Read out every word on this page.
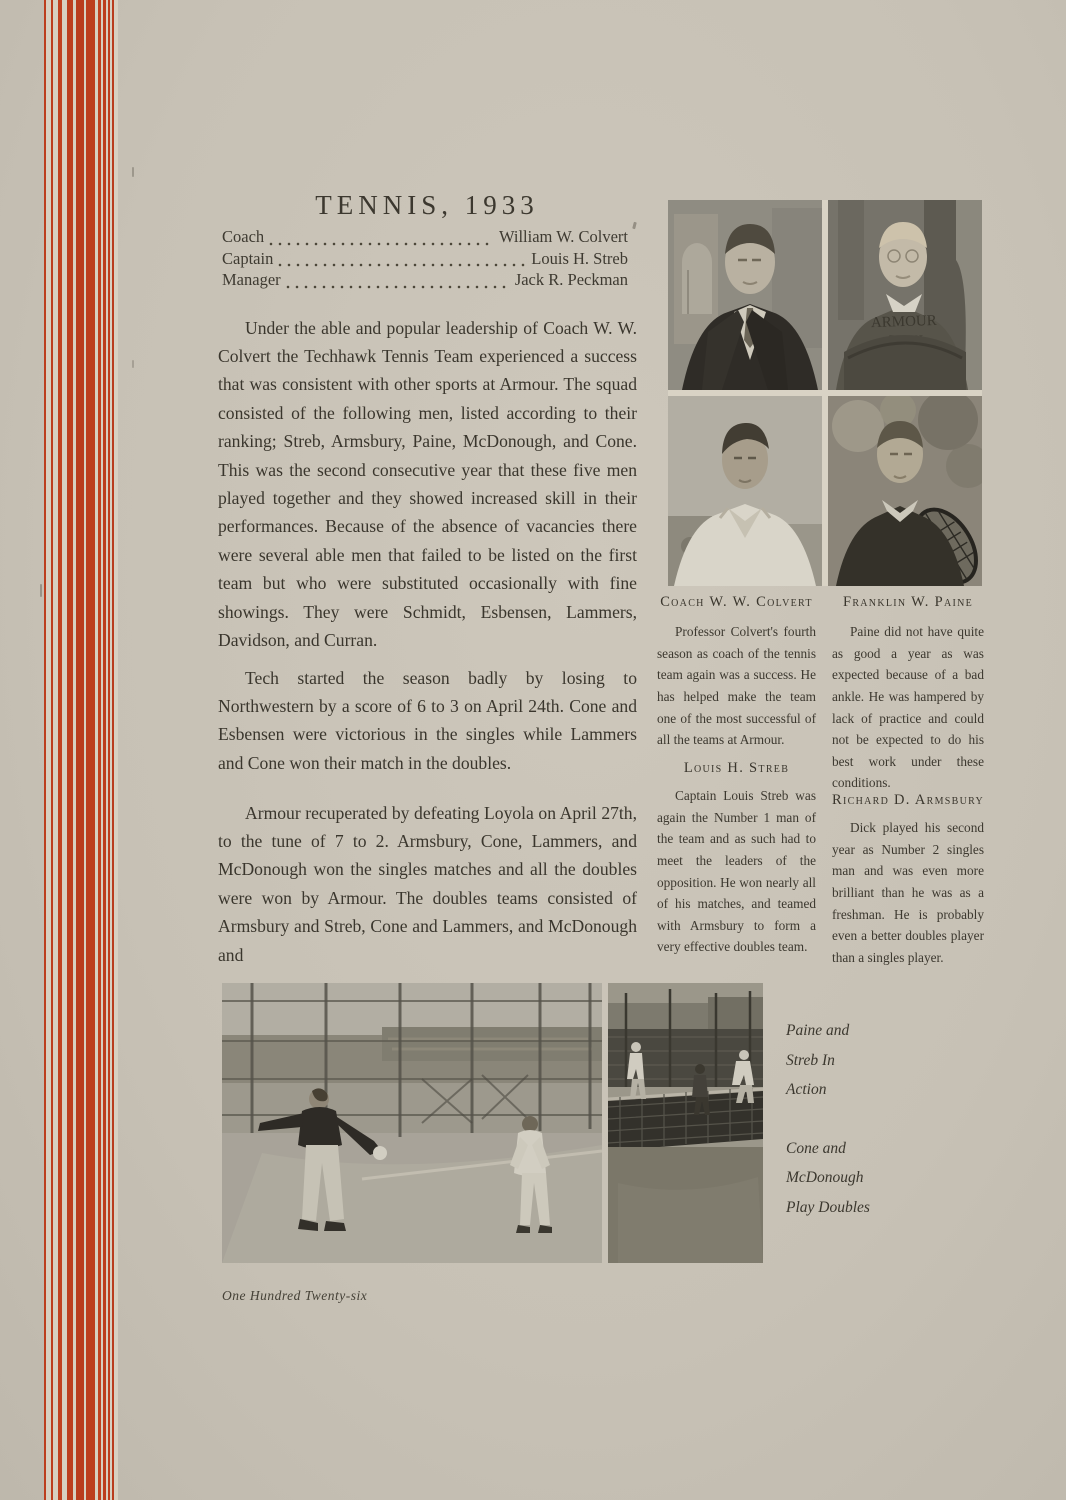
TENNIS, 1933
Coach	William W. Colvert
Captain	Louis H. Streb
Manager	Jack R. Peckman

Under the able and popular leadership of Coach W. W. Colvert the Techhawk Tennis Team experienced a success that was consistent with other sports at Armour. The squad consisted of the following men, listed according to their ranking; Streb, Armsbury, Paine, McDonough, and Cone. This was the second consecutive year that these five men played together and they showed increased skill in their performances. Because of the absence of vacancies there were several able men that failed to be listed on the first team but who were substituted occasionally with fine showings. They were Schmidt, Esbensen, Lammers, Davidson, and Curran.

Tech started the season badly by losing to Northwestern by a score of 6 to 3 on April 24th. Cone and Esbensen were victorious in the singles while Lammers and Cone won their match in the doubles.

Armour recuperated by defeating Loyola on April 27th, to the tune of 7 to 2. Armsbury, Cone, Lammers, and McDonough won the singles matches and all the doubles were won by Armour. The doubles teams consisted of Armsbury and Streb, Cone and Lammers, and McDonough and

ARMOUR
Coach W. W. Colvert	Franklin W. Paine

Professor Colvert's fourth season as coach of the tennis team again was a success. He has helped make the team one of the most successful of all the teams at Armour.

Paine did not have quite as good a year as was expected because of a bad ankle. He was hampered by lack of practice and could not be expected to do his best work under these conditions.

Louis H. Streb

Captain Louis Streb was again the Number 1 man of the team and as such had to meet the leaders of the opposition. He won nearly all of his matches, and teamed with Armsbury to form a very effective doubles team.

Richard D. Armsbury

Dick played his second year as Number 2 singles man and was even more brilliant than he was as a freshman. He is probably even a better doubles player than a singles player.

Paine and
Streb In
Action
Cone and
McDonough
Play Doubles
One Hundred Twenty-six
